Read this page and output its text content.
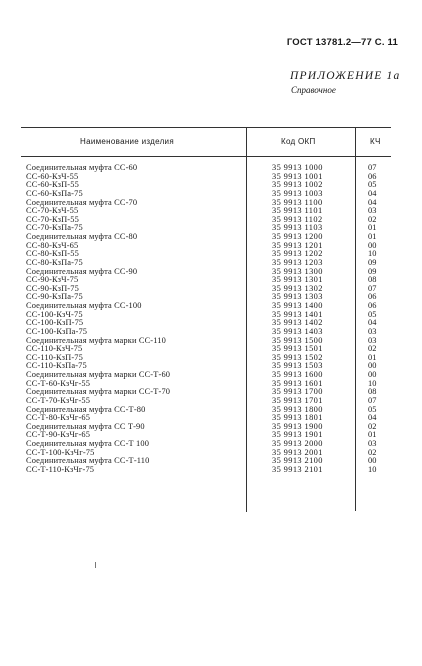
ГОСТ 13781.2—77 С. 11
ПРИЛОЖЕНИЕ 1а
Справочное
Наименование изделия	Код ОКП	КЧ
Соединительная муфта СС-60	35 9913 1000	07
СС-60-КзЧ-55	35 9913 1001	06
СС-60-КзП-55	35 9913 1002	05
СС-60-КзПа-75	35 9913 1003	04
Соединительная муфта СС-70	35 9913 1100	04
СС-70-КзЧ-55	35 9913 1101	03
СС-70-КзП-55	35 9913 1102	02
СС-70-КзПа-75	35 9913 1103	01
Соединительная муфта СС-80	35 9913 1200	01
СС-80-КзЧ-65	35 9913 1201	00
СС-80-КзП-55	35 9913 1202	10
СС-80-КзПа-75	35 9913 1203	09
Соединительная муфта СС-90	35 9913 1300	09
СС-90-КзЧ-75	35 9913 1301	08
СС-90-КзП-75	35 9913 1302	07
СС-90-КзПа-75	35 9913 1303	06
Соединительная муфта СС-100	35 9913 1400	06
СС-100-КзЧ-75	35 9913 1401	05
СС-100-КзП-75	35 9913 1402	04
СС-100-КзПа-75	35 9913 1403	03
Соединительная муфта марки СС-110	35 9913 1500	03
СС-110-КзЧ-75	35 9913 1501	02
СС-110-КзП-75	35 9913 1502	01
СС-110-КзПа-75	35 9913 1503	00
Соединительная муфта марки СС-Т-60	35 9913 1600	00
СС-Т-60-КзЧг-55	35 9913 1601	10
Соединительная муфта марки СС-Т-70	35 9913 1700	08
СС-Т-70-КзЧг-55	35 9913 1701	07
Соединительная муфта СС-Т-80	35 9913 1800	05
СС-Т-80-КзЧг-65	35 9913 1801	04
Соединительная муфта СС Т-90	35 9913 1900	02
СС-Т-90-КзЧг-65	35 9913 1901	01
Соединительная муфта СС-Т 100	35 9913 2000	03
СС-Т-100-КзЧг-75	35 9913 2001	02
Соединительная муфта СС-Т-110	35 9913 2100	00
СС-Т-110-КзЧг-75	35 9913 2101	10
